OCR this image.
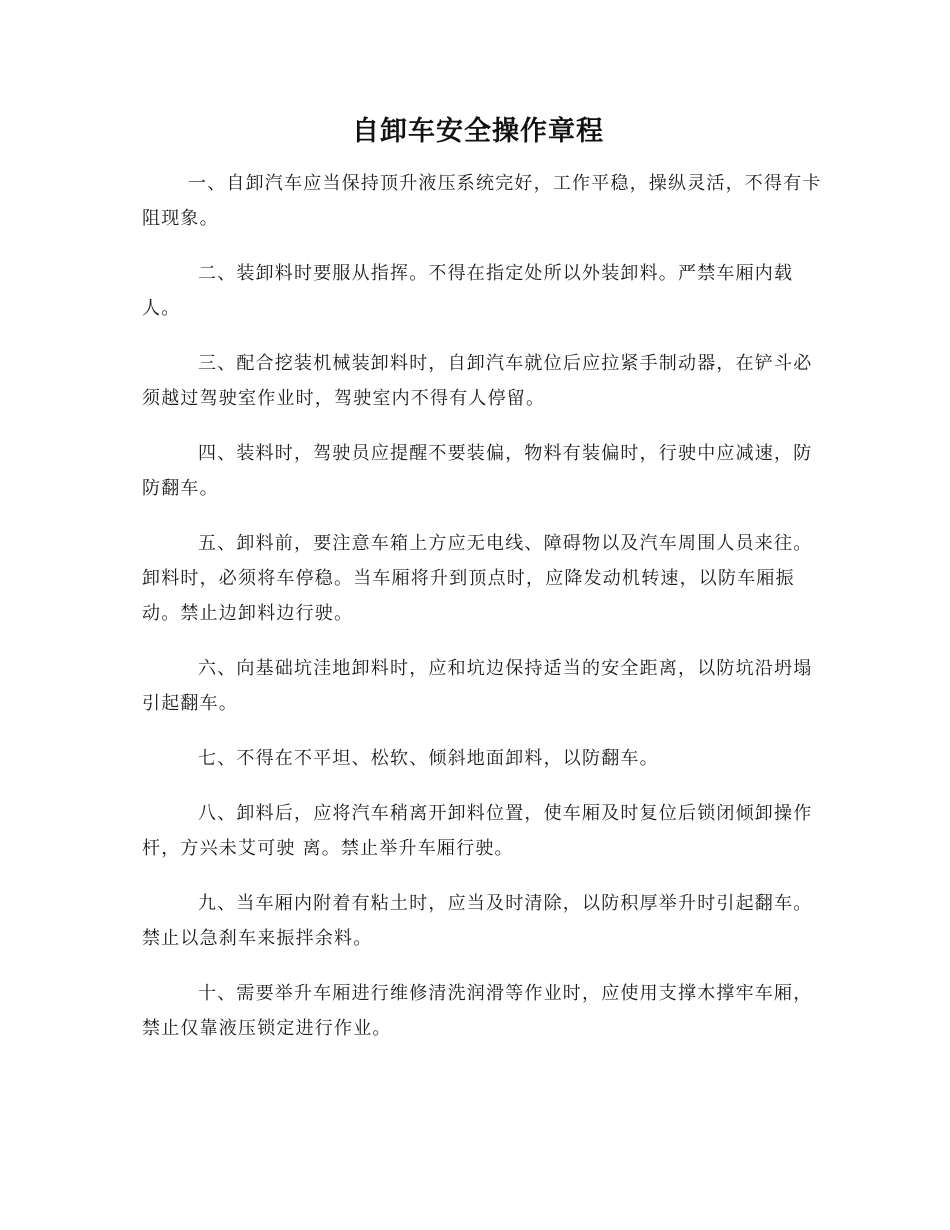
自卸车安全操作章程

一、自卸汽车应当保持顶升液压系统完好，工作平稳，操纵灵活，不得有卡阻现象。

二、装卸料时要服从指挥。不得在指定处所以外装卸料。严禁车厢内载人。

三、配合挖装机械装卸料时，自卸汽车就位后应拉紧手制动器，在铲斗必须越过驾驶室作业时，驾驶室内不得有人停留。

四、装料时，驾驶员应提醒不要装偏，物料有装偏时，行驶中应减速，防防翻车。

五、卸料前，要注意车箱上方应无电线、障碍物以及汽车周围人员来往。卸料时，必须将车停稳。当车厢将升到顶点时，应降发动机转速，以防车厢振动。禁止边卸料边行驶。

六、向基础坑洼地卸料时，应和坑边保持适当的安全距离，以防坑沿坍塌引起翻车。

七、不得在不平坦、松软、倾斜地面卸料，以防翻车。

八、卸料后，应将汽车稍离开卸料位置，使车厢及时复位后锁闭倾卸操作杆，方兴未艾可驶 离。禁止举升车厢行驶。

九、当车厢内附着有粘土时，应当及时清除，以防积厚举升时引起翻车。禁止以急刹车来振拌余料。

十、需要举升车厢进行维修清洗润滑等作业时，应使用支撑木撑牢车厢，禁止仅靠液压锁定进行作业。
